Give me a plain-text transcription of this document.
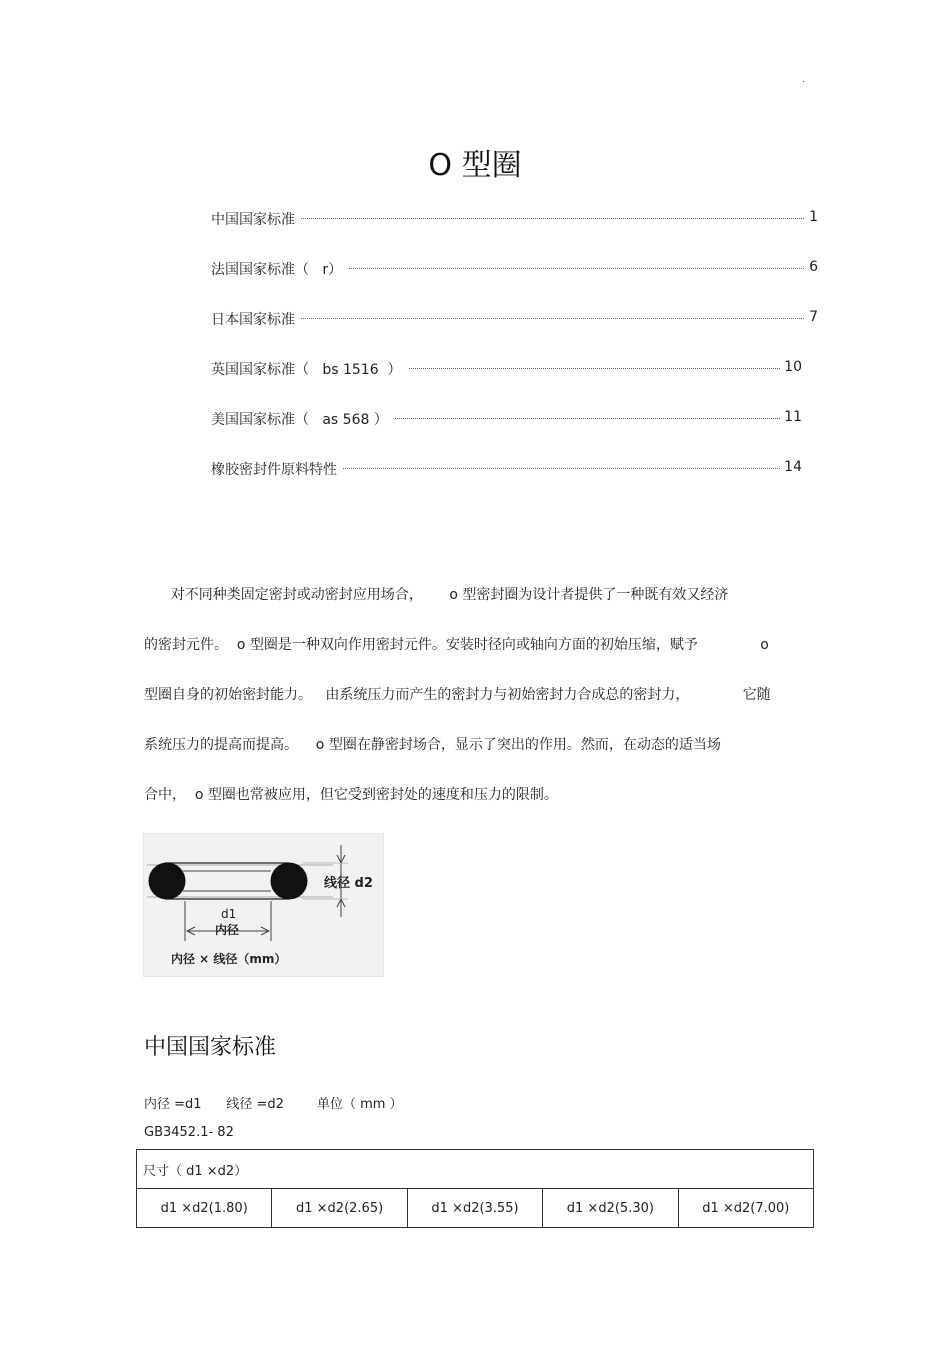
.
O 型圈
中国国家标准	1
法国国家标准（   r）	6
日本国家标准	7
英国国家标准（   bs 1516  ）	10
美国国家标准（   as 568 ）	11
橡胶密封件原料特性	14
对不同种类固定密封或动密封应用场合，      o 型密封圈为设计者提供了一种既有效又经济
的密封元件。  o 型圈是一种双向作用密封元件。安装时径向或轴向方面的初始压缩，赋予              o
型圈自身的初始密封能力。   由系统压力而产生的密封力与初始密封力合成总的密封力，            它随
系统压力的提高而提高。    o 型圈在静密封场合，显示了突出的作用。然而，在动态的适当场
合中，  o 型圈也常被应用，但它受到密封处的速度和压力的限制。
线径 d2
d1
内径
内径 × 线径（mm）
中国国家标准
内径 =d1      线径 =d2        单位（ mm ）
GB3452.1- 82
尺寸（ d1 ×d2）
d1 ×d2(1.80)	d1 ×d2(2.65)	d1 ×d2(3.55)	d1 ×d2(5.30)	d1 ×d2(7.00)
